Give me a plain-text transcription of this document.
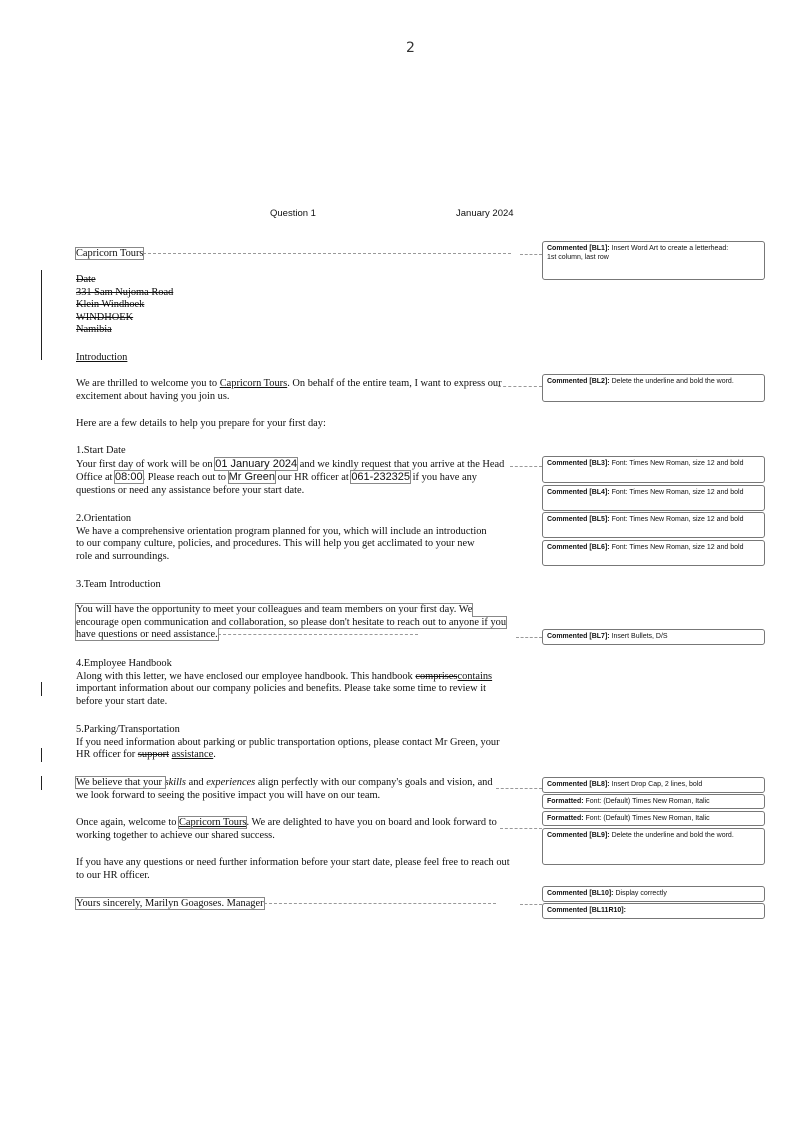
2
Question 1	January 2024
Capricorn Tours

Date

331 Sam Nujoma Road

Klein Windhoek

WINDHOEK

Namibia

Introduction
We are thrilled to welcome you to Capricorn Tours. On behalf of the entire team, I want to express our excitement about having you join us.
Here are a few details to help you prepare for your first day:

1.Start Date

Your first day of work will be on 01 January 2024 and we kindly request that you arrive at the Head Office at 08:00. Please reach out to Mr Green our HR officer at 061-232325 if you have any questions or need any assistance before your start date.

2.Orientation

We have a comprehensive orientation program planned for you, which will include an introduction to our company culture, policies, and procedures. This will help you get acclimated to your new role and surroundings.

3.Team Introduction
You will have the opportunity to meet your colleagues and team members on your first day. We encourage open communication and collaboration, so please don't hesitate to reach out to anyone if you have questions or need assistance.

4.Employee Handbook

Along with this letter, we have enclosed our employee handbook. This handbook comprisescontains important information about our company policies and benefits. Please take some time to review it before your start date.

5.Parking/Transportation

If you need information about parking or public transportation options, please contact Mr Green, your HR officer for support assistance.

We believe that your skills and experiences align perfectly with our company's goals and vision, and we look forward to seeing the positive impact you will have on our team.
Once again, welcome to Capricorn Tours. We are delighted to have you on board and look forward to working together to achieve our shared success.
If you have any questions or need further information before your start date, please feel free to reach out to our HR officer.
Yours sincerely, Marilyn Goagoses. Manager
Commented [BL1]: Insert Word Art to create a letterhead:
1st column, last row
Commented [BL2]: Delete the underline and bold the word.
Commented [BL3]: Font: Times New Roman, size 12 and bold
Commented [BL4]: Font: Times New Roman, size 12 and bold
Commented [BL5]: Font: Times New Roman, size 12 and bold
Commented [BL6]: Font: Times New Roman, size 12 and bold
Commented [BL7]: Insert Bullets, D/S
Commented [BL8]: Insert Drop Cap, 2 lines, bold
Formatted: Font: (Default) Times New Roman, Italic
Formatted: Font: (Default) Times New Roman, Italic
Commented [BL9]: Delete the underline and bold the word.
Commented [BL10]: Display correctly
Commented [BL11R10]:
